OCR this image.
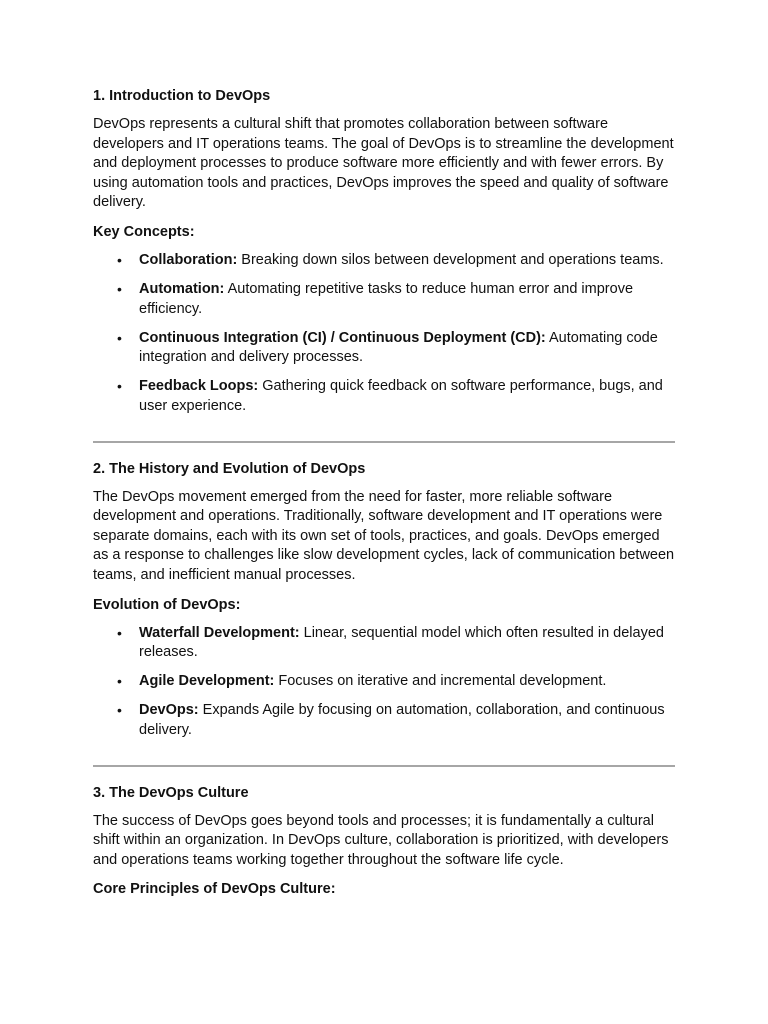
1. Introduction to DevOps

DevOps represents a cultural shift that promotes collaboration between software developers and IT operations teams. The goal of DevOps is to streamline the development and deployment processes to produce software more efficiently and with fewer errors. By using automation tools and practices, DevOps improves the speed and quality of software delivery.

Key Concepts:
• Collaboration: Breaking down silos between development and operations teams.
• Automation: Automating repetitive tasks to reduce human error and improve efficiency.
• Continuous Integration (CI) / Continuous Deployment (CD): Automating code integration and delivery processes.
• Feedback Loops: Gathering quick feedback on software performance, bugs, and user experience.
2. The History and Evolution of DevOps

The DevOps movement emerged from the need for faster, more reliable software development and operations. Traditionally, software development and IT operations were separate domains, each with its own set of tools, practices, and goals. DevOps emerged as a response to challenges like slow development cycles, lack of communication between teams, and inefficient manual processes.

Evolution of DevOps:
• Waterfall Development: Linear, sequential model which often resulted in delayed releases.
• Agile Development: Focuses on iterative and incremental development.
• DevOps: Expands Agile by focusing on automation, collaboration, and continuous delivery.
3. The DevOps Culture

The success of DevOps goes beyond tools and processes; it is fundamentally a cultural shift within an organization. In DevOps culture, collaboration is prioritized, with developers and operations teams working together throughout the software life cycle.

Core Principles of DevOps Culture:
